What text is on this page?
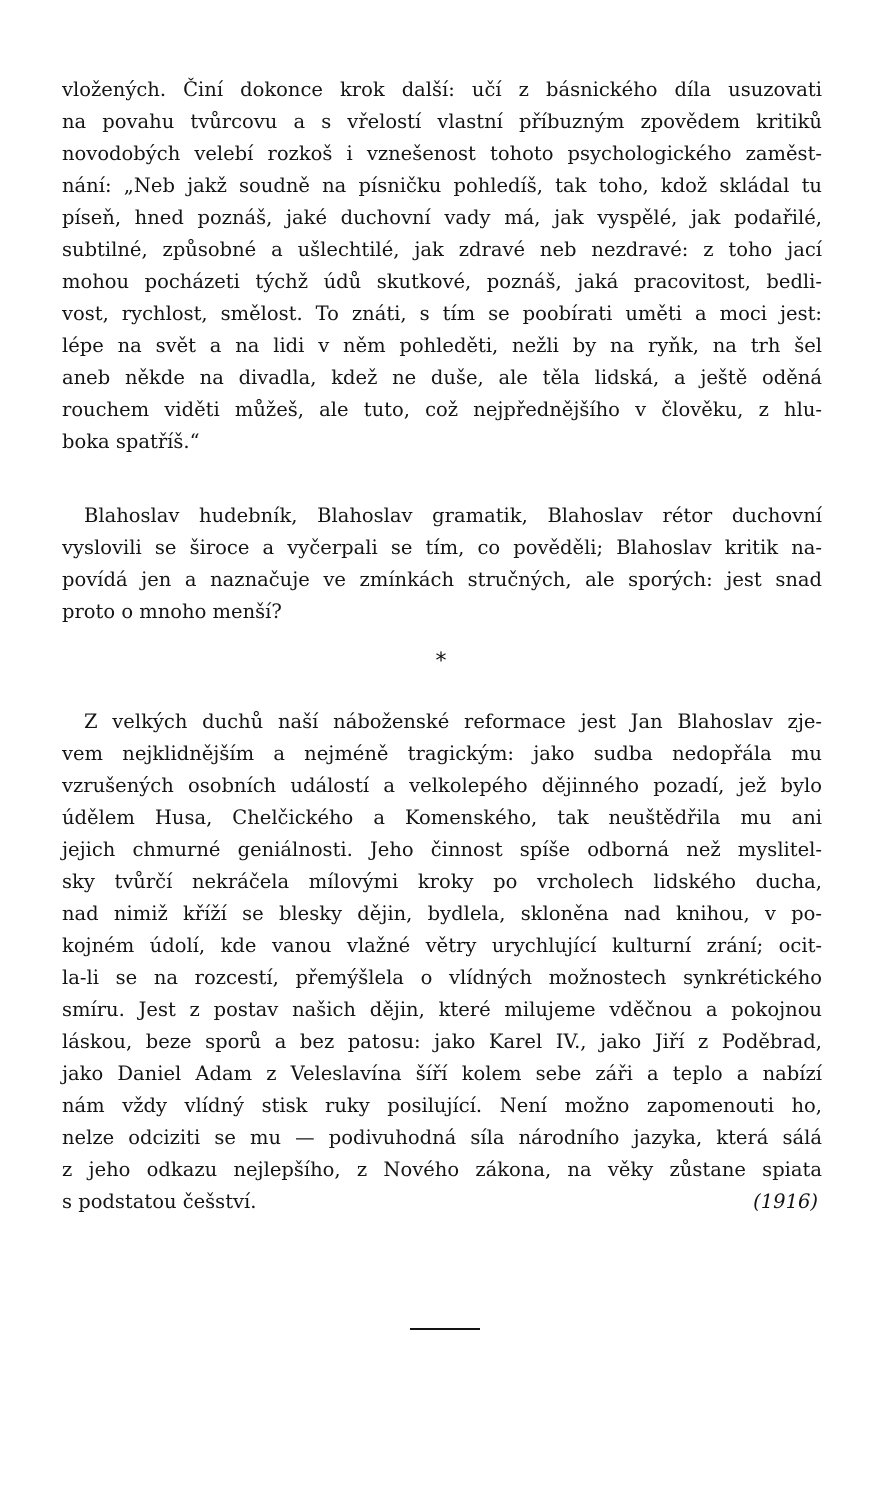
vložených. Činí dokonce krok další: učí z básnického díla usuzovati
na povahu tvůrcovu a s vřelostí vlastní příbuzným zpovědem kritiků
novodobých velebí rozkoš i vznešenost tohoto psychologického zaměst-
nání: „Neb jakž soudně na písničku pohledíš, tak toho, kdož skládal tu
píseň, hned poznáš, jaké duchovní vady má, jak vyspělé, jak podařilé,
subtilné, způsobné a ušlechtilé, jak zdravé neb nezdravé: z toho jací
mohou pocházeti týchž údů skutkové, poznáš, jaká pracovitost, bedli-
vost, rychlost, smělost. To znáti, s tím se poobírati uměti a moci jest:
lépe na svět a na lidi v něm pohleděti, nežli by na ryňk, na trh šel
aneb někde na divadla, kdež ne duše, ale těla lidská, a ještě oděná
rouchem viděti můžeš, ale tuto, což nejpřednějšího v člověku, z hlu-
boka spatříš.“
Blahoslav hudebník, Blahoslav gramatik, Blahoslav rétor duchovní
vyslovili se široce a vyčerpali se tím, co pověděli; Blahoslav kritik na-
povídá jen a naznačuje ve zmínkách stručných, ale sporých: jest snad
proto o mnoho menší?
*
Z velkých duchů naší náboženské reformace jest Jan Blahoslav zje-
vem nejklidnějším a nejméně tragickým: jako sudba nedopřála mu
vzrušených osobních událostí a velkolepého dějinného pozadí, jež bylo
údělem Husa, Chelčického a Komenského, tak neuštědřila mu ani
jejich chmurné geniálnosti. Jeho činnost spíše odborná než myslitel-
sky tvůrčí nekráčela mílovými kroky po vrcholech lidského ducha,
nad nimiž kříží se blesky dějin, bydlela, skloněna nad knihou, v po-
kojném údolí, kde vanou vlažné větry urychlující kulturní zrání; ocit-
la-li se na rozcestí, přemýšlela o vlídných možnostech synkrétického
smíru. Jest z postav našich dějin, které milujeme vděčnou a pokojnou
láskou, beze sporů a bez patosu: jako Karel IV., jako Jiří z Poděbrad,
jako Daniel Adam z Veleslavína šíří kolem sebe záři a teplo a nabízí
nám vždy vlídný stisk ruky posilující. Není možno zapomenouti ho,
nelze odciziti se mu — podivuhodná síla národního jazyka, která sálá
z jeho odkazu nejlepšího, z Nového zákona, na věky zůstane spiata
s podstatou češství.	(1916)
